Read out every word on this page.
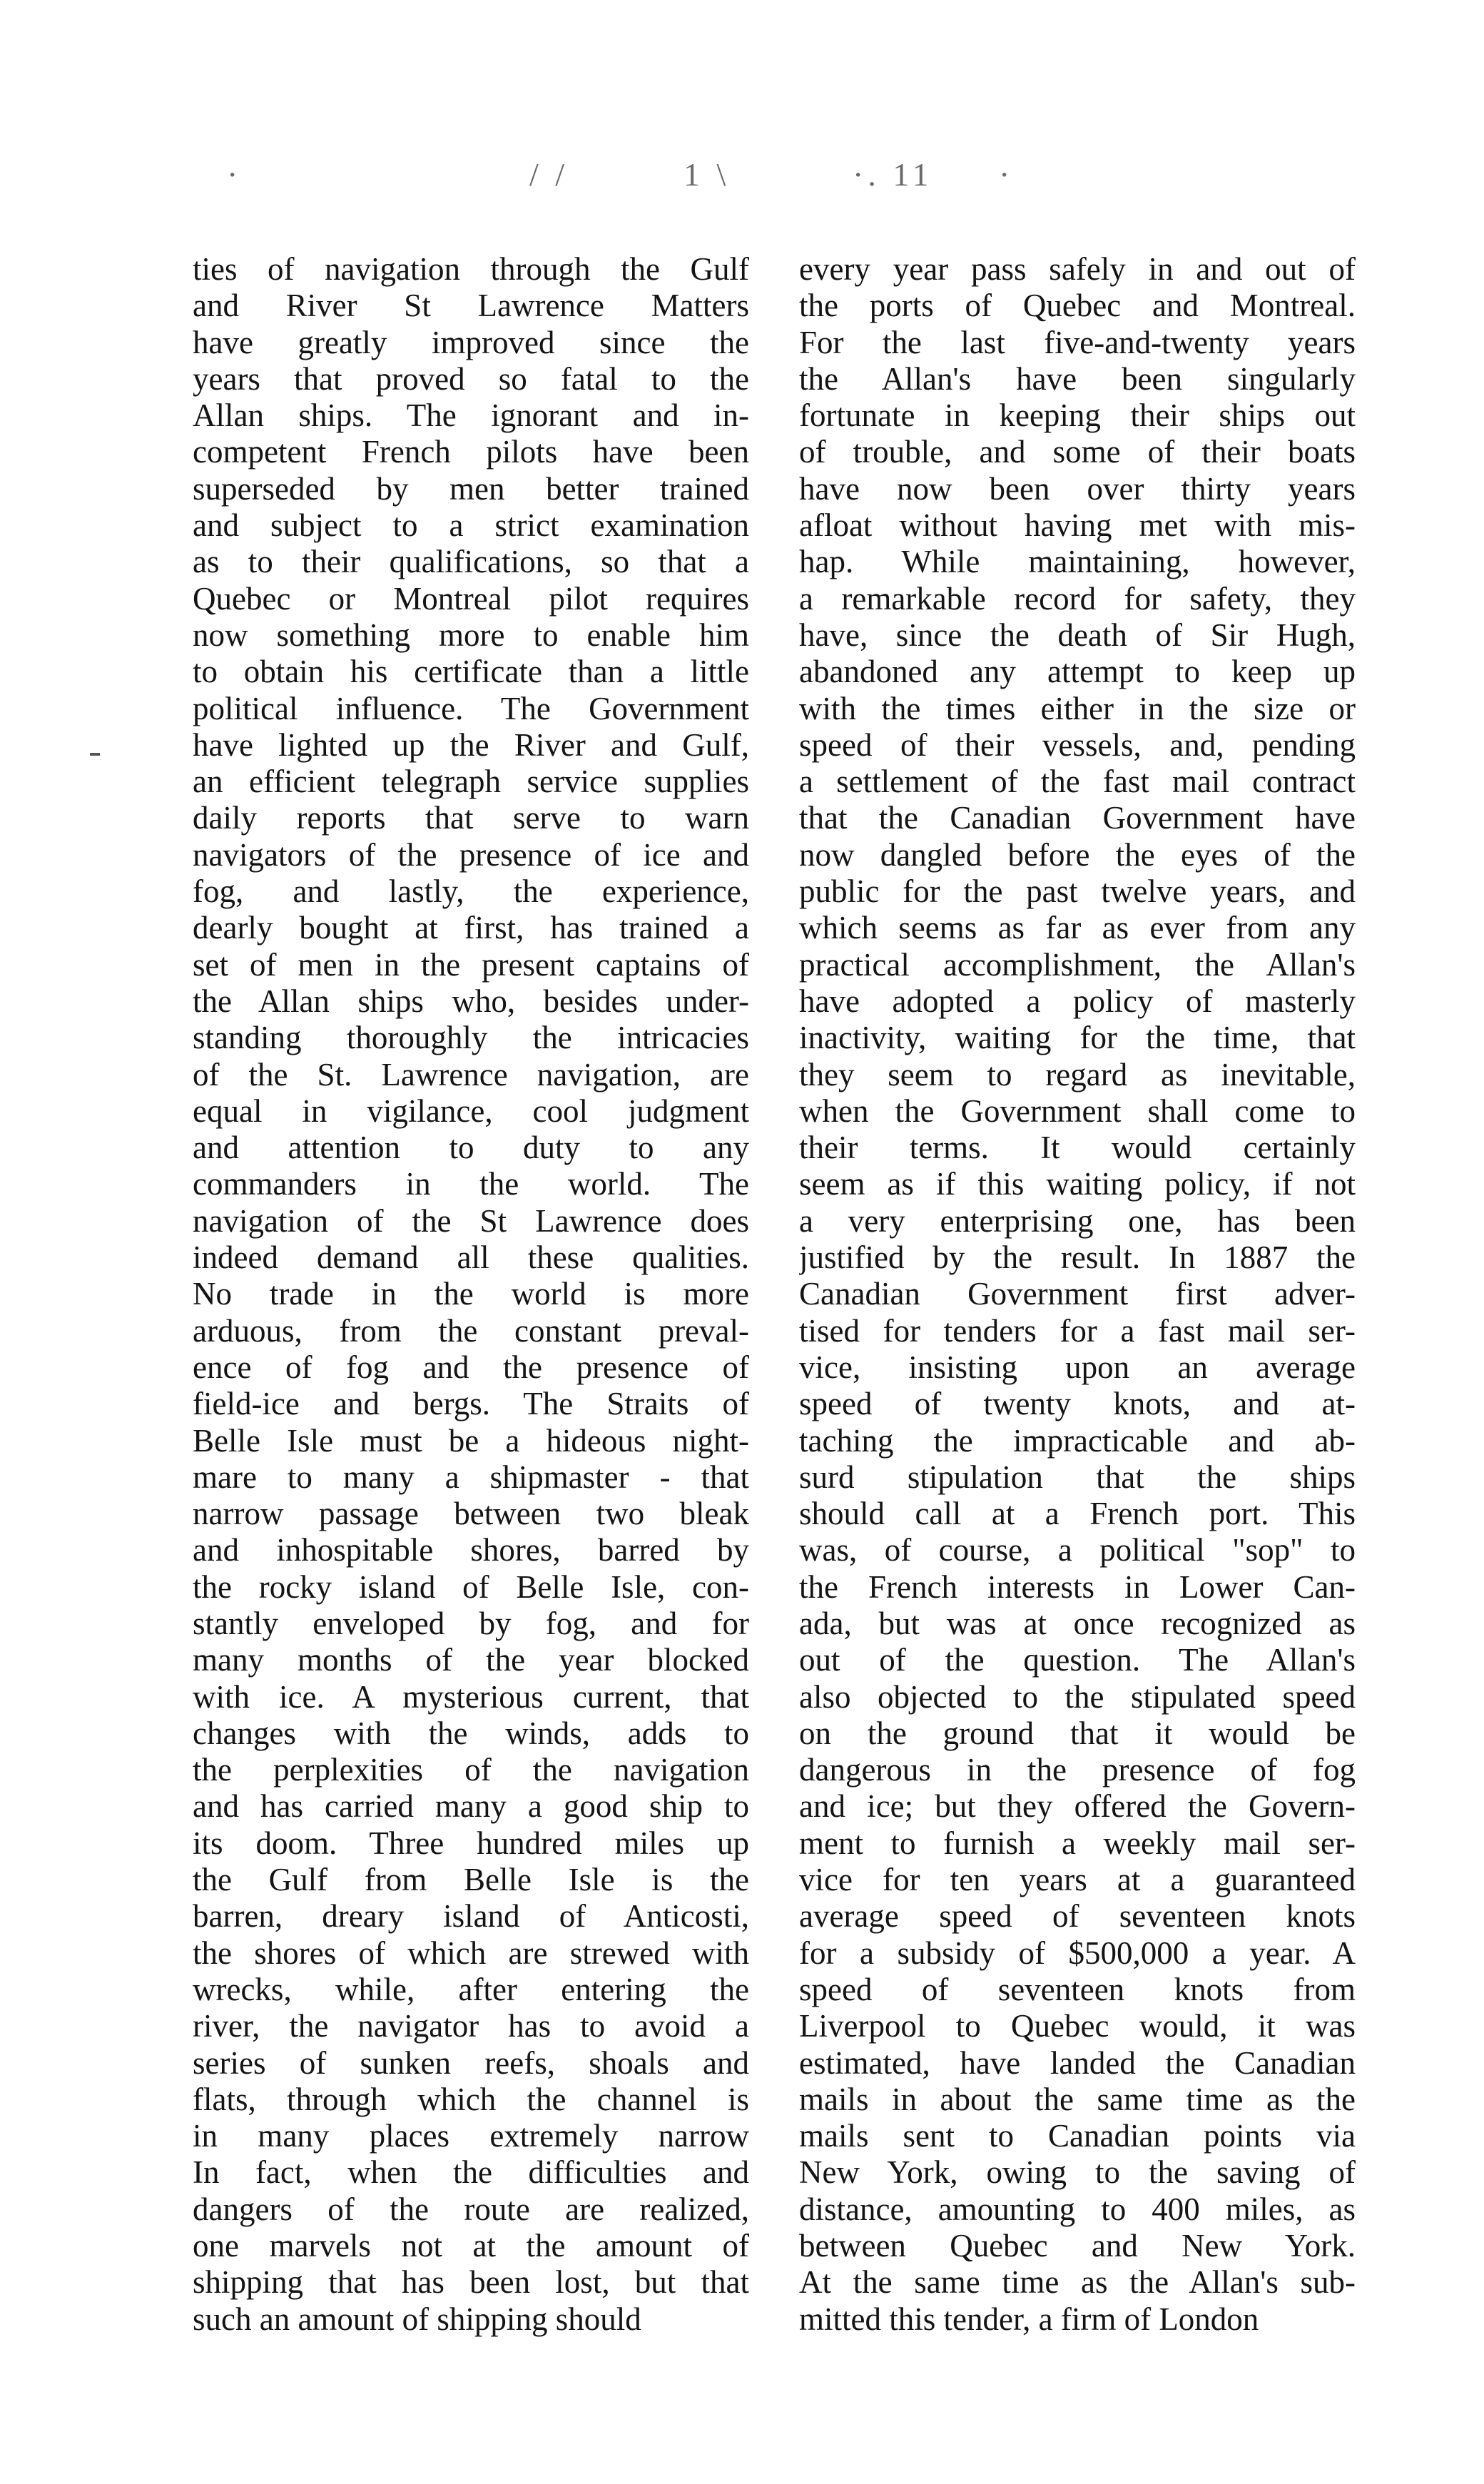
·	/ /	1 \	·. 11 ·
ties of navigation through the Gulf
and River St Lawrence Matters
have greatly improved since the
years that proved so fatal to the
Allan ships. The ignorant and in-
competent French pilots have been
superseded by men better trained
and subject to a strict examination
as to their qualifications, so that a
Quebec or Montreal pilot requires
now something more to enable him
to obtain his certificate than a little
political influence. The Government
have lighted up the River and Gulf,
an efficient telegraph service supplies
daily reports that serve to warn
navigators of the presence of ice and
fog, and lastly, the experience,
dearly bought at first, has trained a
set of men in the present captains of
the Allan ships who, besides under-
standing thoroughly the intricacies
of the St. Lawrence navigation, are
equal in vigilance, cool judgment
and attention to duty to any
commanders in the world. The
navigation of the St Lawrence does
indeed demand all these qualities.
No trade in the world is more
arduous, from the constant preval-
ence of fog and the presence of
field-ice and bergs. The Straits of
Belle Isle must be a hideous night-
mare to many a shipmaster - that
narrow passage between two bleak
and inhospitable shores, barred by
the rocky island of Belle Isle, con-
stantly enveloped by fog, and for
many months of the year blocked
with ice. A mysterious current, that
changes with the winds, adds to
the perplexities of the navigation
and has carried many a good ship to
its doom. Three hundred miles up
the Gulf from Belle Isle is the
barren, dreary island of Anticosti,
the shores of which are strewed with
wrecks, while, after entering the
river, the navigator has to avoid a
series of sunken reefs, shoals and
flats, through which the channel is
in many places extremely narrow
In fact, when the difficulties and
dangers of the route are realized,
one marvels not at the amount of
shipping that has been lost, but that
such an amount of shipping should
every year pass safely in and out of
the ports of Quebec and Montreal.
For the last five-and-twenty years
the Allan's have been singularly
fortunate in keeping their ships out
of trouble, and some of their boats
have now been over thirty years
afloat without having met with mis-
hap. While maintaining, however,
a remarkable record for safety, they
have, since the death of Sir Hugh,
abandoned any attempt to keep up
with the times either in the size or
speed of their vessels, and, pending
a settlement of the fast mail contract
that the Canadian Government have
now dangled before the eyes of the
public for the past twelve years, and
which seems as far as ever from any
practical accomplishment, the Allan's
have adopted a policy of masterly
inactivity, waiting for the time, that
they seem to regard as inevitable,
when the Government shall come to
their terms. It would certainly
seem as if this waiting policy, if not
a very enterprising one, has been
justified by the result. In 1887 the
Canadian Government first adver-
tised for tenders for a fast mail ser-
vice, insisting upon an average
speed of twenty knots, and at-
taching the impracticable and ab-
surd stipulation that the ships
should call at a French port. This
was, of course, a political "sop" to
the French interests in Lower Can-
ada, but was at once recognized as
out of the question. The Allan's
also objected to the stipulated speed
on the ground that it would be
dangerous in the presence of fog
and ice; but they offered the Govern-
ment to furnish a weekly mail ser-
vice for ten years at a guaranteed
average speed of seventeen knots
for a subsidy of $500,000 a year. A
speed of seventeen knots from
Liverpool to Quebec would, it was
estimated, have landed the Canadian
mails in about the same time as the
mails sent to Canadian points via
New York, owing to the saving of
distance, amounting to 400 miles, as
between Quebec and New York.
At the same time as the Allan's sub-
mitted this tender, a firm of London
